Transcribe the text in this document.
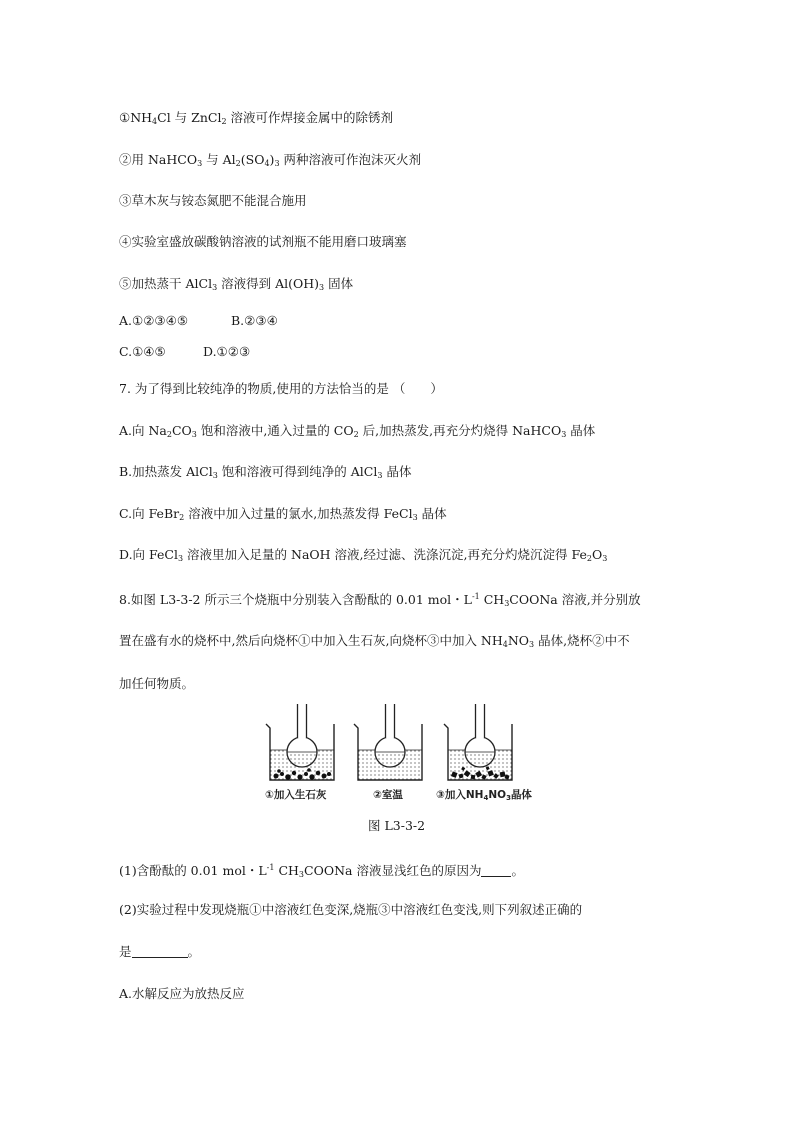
$①NH_4Cl$ 与 ZnCl$_2$ 溶液可作焊接金属中的除锈剂
②用 NaHCO$_3$ 与 $Al_2(SO_4)_3$ 两种溶液可作泡沫灭火剂
③草木灰与铵态氮肥不能混合施用
④实验室盛放碳酸钠溶液的试剂瓶不能用磨口玻璃塞
⑤加热蒸干 AlCl$_3$ 溶液得到 $Al(OH)_3$ 固体
A.①②③④⑤	B.②③④
C.①④⑤	D.①②③
7. 为了得到比较纯净的物质,使用的方法恰当的是 （　　）
A.向 $Na_2CO_3$ 饱和溶液中,通入过量的 $CO_2$ 后,加热蒸发,再充分灼烧得 NaHCO$_3$ 晶体
B.加热蒸发 AlCl$_3$ 饱和溶液可得到纯净的 AlCl$_3$ 晶体
C.向 FeBr$_2$ 溶液中加入过量的氯水,加热蒸发得 FeCl$_3$ 晶体
D.向 FeCl$_3$ 溶液里加入足量的 NaOH 溶液,经过滤、洗涤沉淀,再充分灼烧沉淀得 $Fe_2O_3$
8.如图 L3-3-2 所示三个烧瓶中分别装入含酚酞的 0.01 mol・$L^{-1}$ $CH_3COONa$ 溶液,并分别放
置在盛有水的烧杯中,然后向烧杯①中加入生石灰,向烧杯③中加入 $NH_4NO_3$ 晶体,烧杯②中不
加任何物质。
①加入生石灰	②室温	③加入NH4NO3晶体
图 L3-3-2
(1)含酚酞的 0.01 mol・$L^{-1}$ $CH_3COONa$ 溶液显浅红色的原因为 。
(2)实验过程中发现烧瓶①中溶液红色变深,烧瓶③中溶液红色变浅,则下列叙述正确的
是	。
A.水解反应为放热反应
